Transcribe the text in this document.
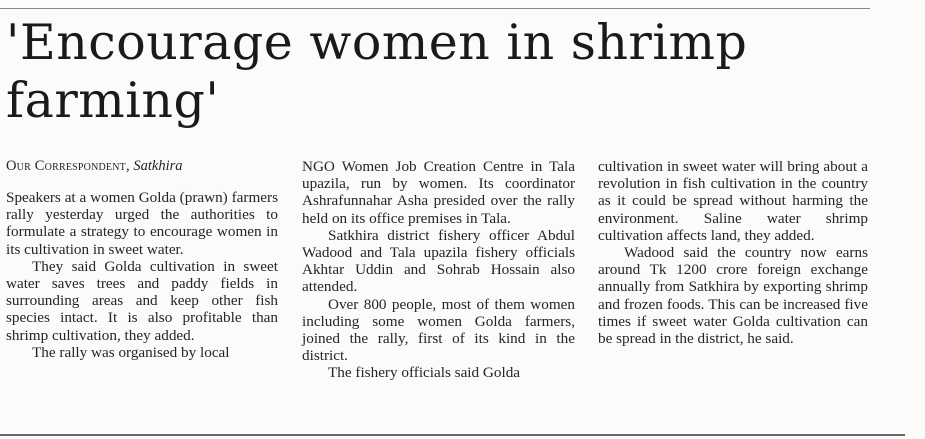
'Encourage women in shrimp farming'
Our Correspondent, Satkhira

Speakers at a women Golda (prawn) farmers rally yesterday urged the authorities to formulate a strategy to encourage women in its cultivation in sweet water.

They said Golda cultivation in sweet water saves trees and paddy fields in surrounding areas and keep other fish species intact. It is also profitable than shrimp cultivation, they added.

The rally was organised by local

NGO Women Job Creation Centre in Tala upazila, run by women. Its coordinator Ashrafunnahar Asha presided over the rally held on its office premises in Tala.

Satkhira district fishery officer Abdul Wadood and Tala upazila fishery officials Akhtar Uddin and Sohrab Hossain also attended.

Over 800 people, most of them women including some women Golda farmers, joined the rally, first of its kind in the district.

The fishery officials said Golda

cultivation in sweet water will bring about a revolution in fish cultivation in the country as it could be spread without harming the environment. Saline water shrimp cultivation affects land, they added.

Wadood said the country now earns around Tk 1200 crore foreign exchange annually from Satkhira by exporting shrimp and frozen foods. This can be increased five times if sweet water Golda cultivation can be spread in the district, he said.
